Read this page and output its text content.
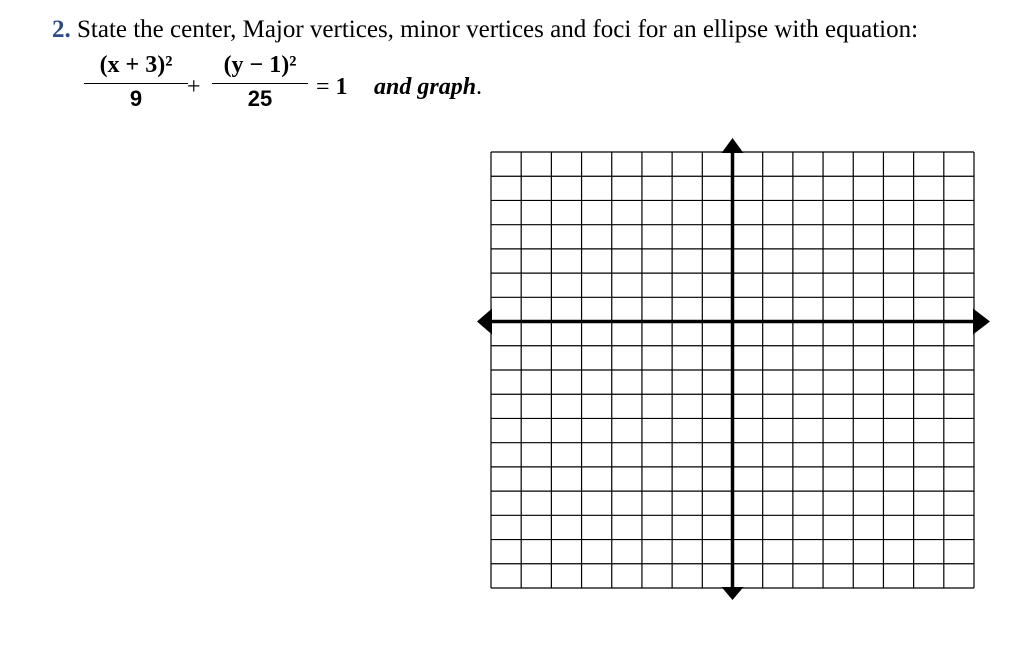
2. State the center, Major vertices, minor vertices and foci for an ellipse with equation:
(x + 3)²
9	+
(y − 1)²
25	= 1 and graph.
